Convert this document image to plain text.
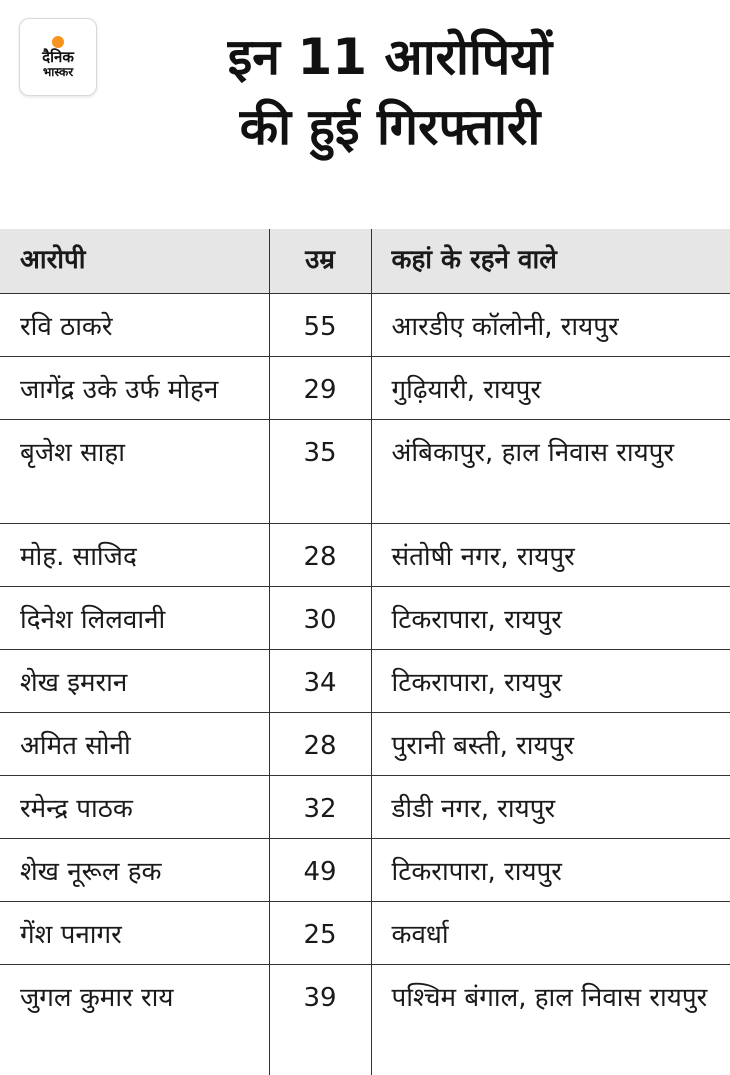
दैनिक
भास्कर	इन 11 आरोपियों
की हुई गिरफ्तारी
आरोपी	उम्र	कहां के रहने वाले
रवि ठाकरे	55	आरडीए कॉलोनी, रायपुर
जागेंद्र उके उर्फ मोहन	29	गुढ़ियारी, रायपुर
बृजेश साहा	35	अंबिकापुर, हाल निवास रायपुर
मोह. साजिद	28	संतोषी नगर, रायपुर
दिनेश लिलवानी	30	टिकरापारा, रायपुर
शेख इमरान	34	टिकरापारा, रायपुर
अमित सोनी	28	पुरानी बस्ती, रायपुर
रमेन्द्र पाठक	32	डीडी नगर, रायपुर
शेख नूरूल हक	49	टिकरापारा, रायपुर
गेंश पनागर	25	कवर्धा
जुगल कुमार राय	39	पश्चिम बंगाल, हाल निवास रायपुर
